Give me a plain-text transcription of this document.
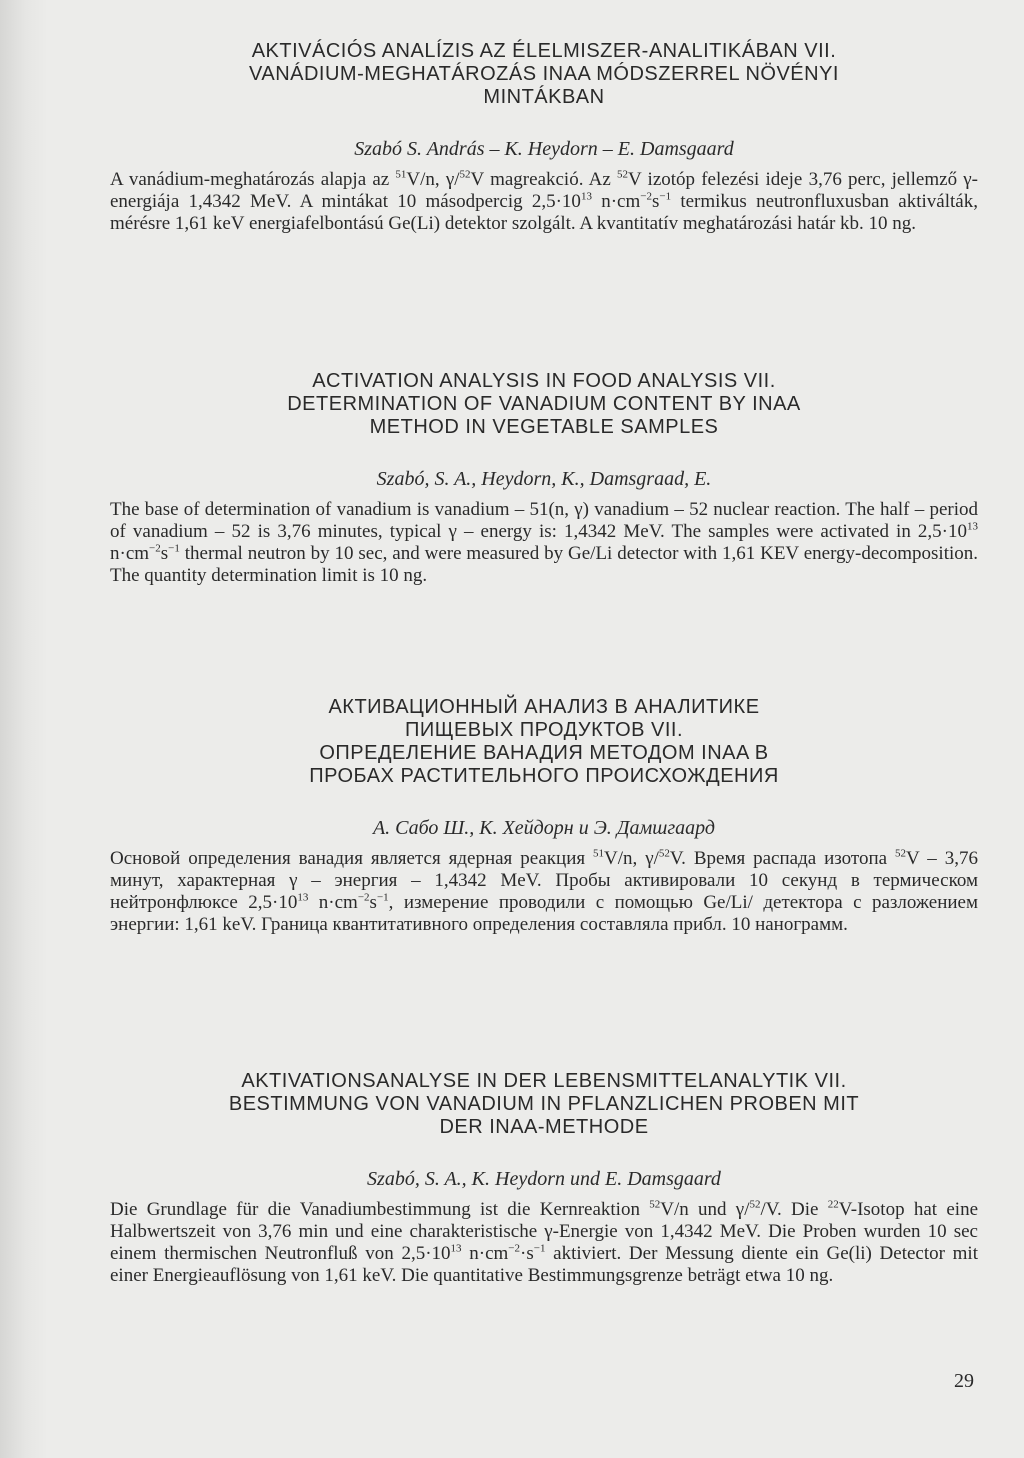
AKTIVÁCIÓS ANALÍZIS AZ ÉLELMISZER-ANALITIKÁBAN VII.
VANÁDIUM-MEGHATÁROZÁS INAA MÓDSZERREL NÖVÉNYI
MINTÁKBAN
Szabó S. András – K. Heydorn – E. Damsgaard

A vanádium-meghatározás alapja az $^{51}$V/n, γ/$^{52}$V magreakció. Az $^{52}$V izotóp felezési ideje 3,76 perc, jellemző γ-energiája 1,4342 MeV. A mintákat 10 másodpercig $2,5\cdot 10^{13}$ $n\cdot cm^{-2}s^{-1}$ termikus neutronfluxusban aktiválták, mérésre 1,61 keV energiafelbontású Ge(Li) detektor szolgált. A kvantitatív meghatározási határ kb. 10 ng.

ACTIVATION ANALYSIS IN FOOD ANALYSIS VII.
DETERMINATION OF VANADIUM CONTENT BY INAA
METHOD IN VEGETABLE SAMPLES
Szabó, S. A., Heydorn, K., Damsgraad, E.

The base of determination of vanadium is vanadium – 51(n, γ) vanadium – 52 nuclear reaction. The half – period of vanadium – 52 is 3,76 minutes, typical γ – energy is: 1,4342 MeV. The samples were activated in $2,5\cdot 10^{13}$ $n\cdot cm^{-2}s^{-1}$ thermal neutron by 10 sec, and were measured by Ge/Li detector with 1,61 KEV energy-decomposition. The quantity determination limit is 10 ng.

АКТИВАЦИОННЫЙ АНАЛИЗ В АНАЛИТИКЕ
ПИЩЕВЫХ ПРОДУКТОВ VII.
ОПРЕДЕЛЕНИЕ ВАНАДИЯ МЕТОДОМ INAA В
ПРОБАХ РАСТИТЕЛЬНОГО ПРОИСХОЖДЕНИЯ
А. Сабо Ш., К. Хейдорн и Э. Дамшгаард

Основой определения ванадия является ядерная реакция $^{51}$V/n, γ/$^{52}$V. Время распада изотопа $^{52}$V – 3,76 минут, характерная γ – энергия – 1,4342 MeV. Пробы активировали 10 секунд в термическом нейтронфлюксе $2,5\cdot 10^{13}$ $n\cdot cm^{-2}s^{-1}$, измерение проводили с помощью Ge/Li/ детектора с разложением энергии: 1,61 keV. Граница квантитативного определения составляла прибл. 10 нанограмм.

AKTIVATIONSANALYSE IN DER LEBENSMITTELANALYTIK VII.
BESTIMMUNG VON VANADIUM IN PFLANZLICHEN PROBEN MIT
DER INAA-METHODE
Szabó, S. A., K. Heydorn und E. Damsgaard

Die Grundlage für die Vanadiumbestimmung ist die Kernreaktion $^{52}$V/n und γ/$^{52}$/V. Die $^{22}$V-Isotop hat eine Halbwertszeit von 3,76 min und eine charakteristische γ-Energie von 1,4342 MeV. Die Proben wurden 10 sec einem thermischen Neutronfluß von $2,5\cdot 10^{13}$ $n\cdot cm^{-2}\cdot s^{-1}$ aktiviert. Der Messung diente ein Ge(li) Detector mit einer Energieauflösung von 1,61 keV. Die quantitative Bestimmungsgrenze beträgt etwa 10 ng.

29
